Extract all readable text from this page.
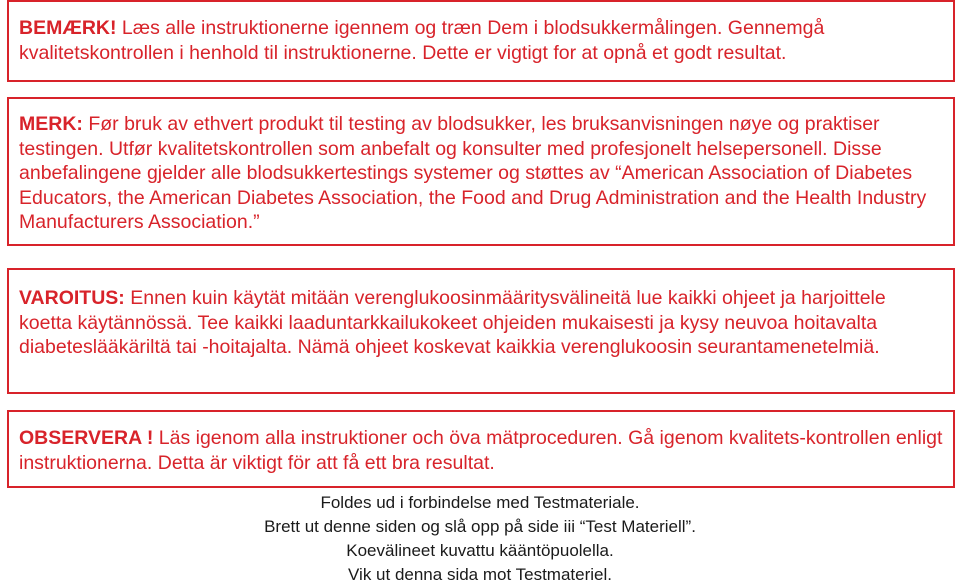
BEMÆRK! Læs alle instruktionerne igennem og træn Dem i blodsukkermålingen. Gennemgå kvalitetskontrollen i henhold til instruktionerne. Dette er vigtigt for at opnå et godt resultat.

MERK: Før bruk av ethvert produkt til testing av blodsukker, les bruksanvisningen nøye og praktiser testingen. Utfør kvalitetskontrollen som anbefalt og konsulter med profesjonelt helsepersonell. Disse anbefalingene gjelder alle blodsukkertestings systemer og støttes av “American Association of Diabetes Educators, the American Diabetes Association, the Food and Drug Administration and the Health Industry Manufacturers Association.”

VAROITUS: Ennen kuin käytät mitään verenglukoosinmääritysvälineitä lue kaikki ohjeet ja harjoittele koetta käytännössä. Tee kaikki laaduntarkkailukokeet ohjeiden mukaisesti ja kysy neuvoa hoitavalta diabeteslääkäriltä tai -hoitajalta. Nämä ohjeet koskevat kaikkia verenglukoosin seurantamenetelmiä.

OBSERVERA ! Läs igenom alla instruktioner och öva mätproceduren. Gå igenom kvalitets-kontrollen enligt instruktionerna. Detta är viktigt för att få ett bra resultat.

Foldes ud i forbindelse med Testmateriale.
Brett ut denne siden og slå opp på side iii “Test Materiell”.
Koevälineet kuvattu kääntöpuolella.
Vik ut denna sida mot Testmateriel.
